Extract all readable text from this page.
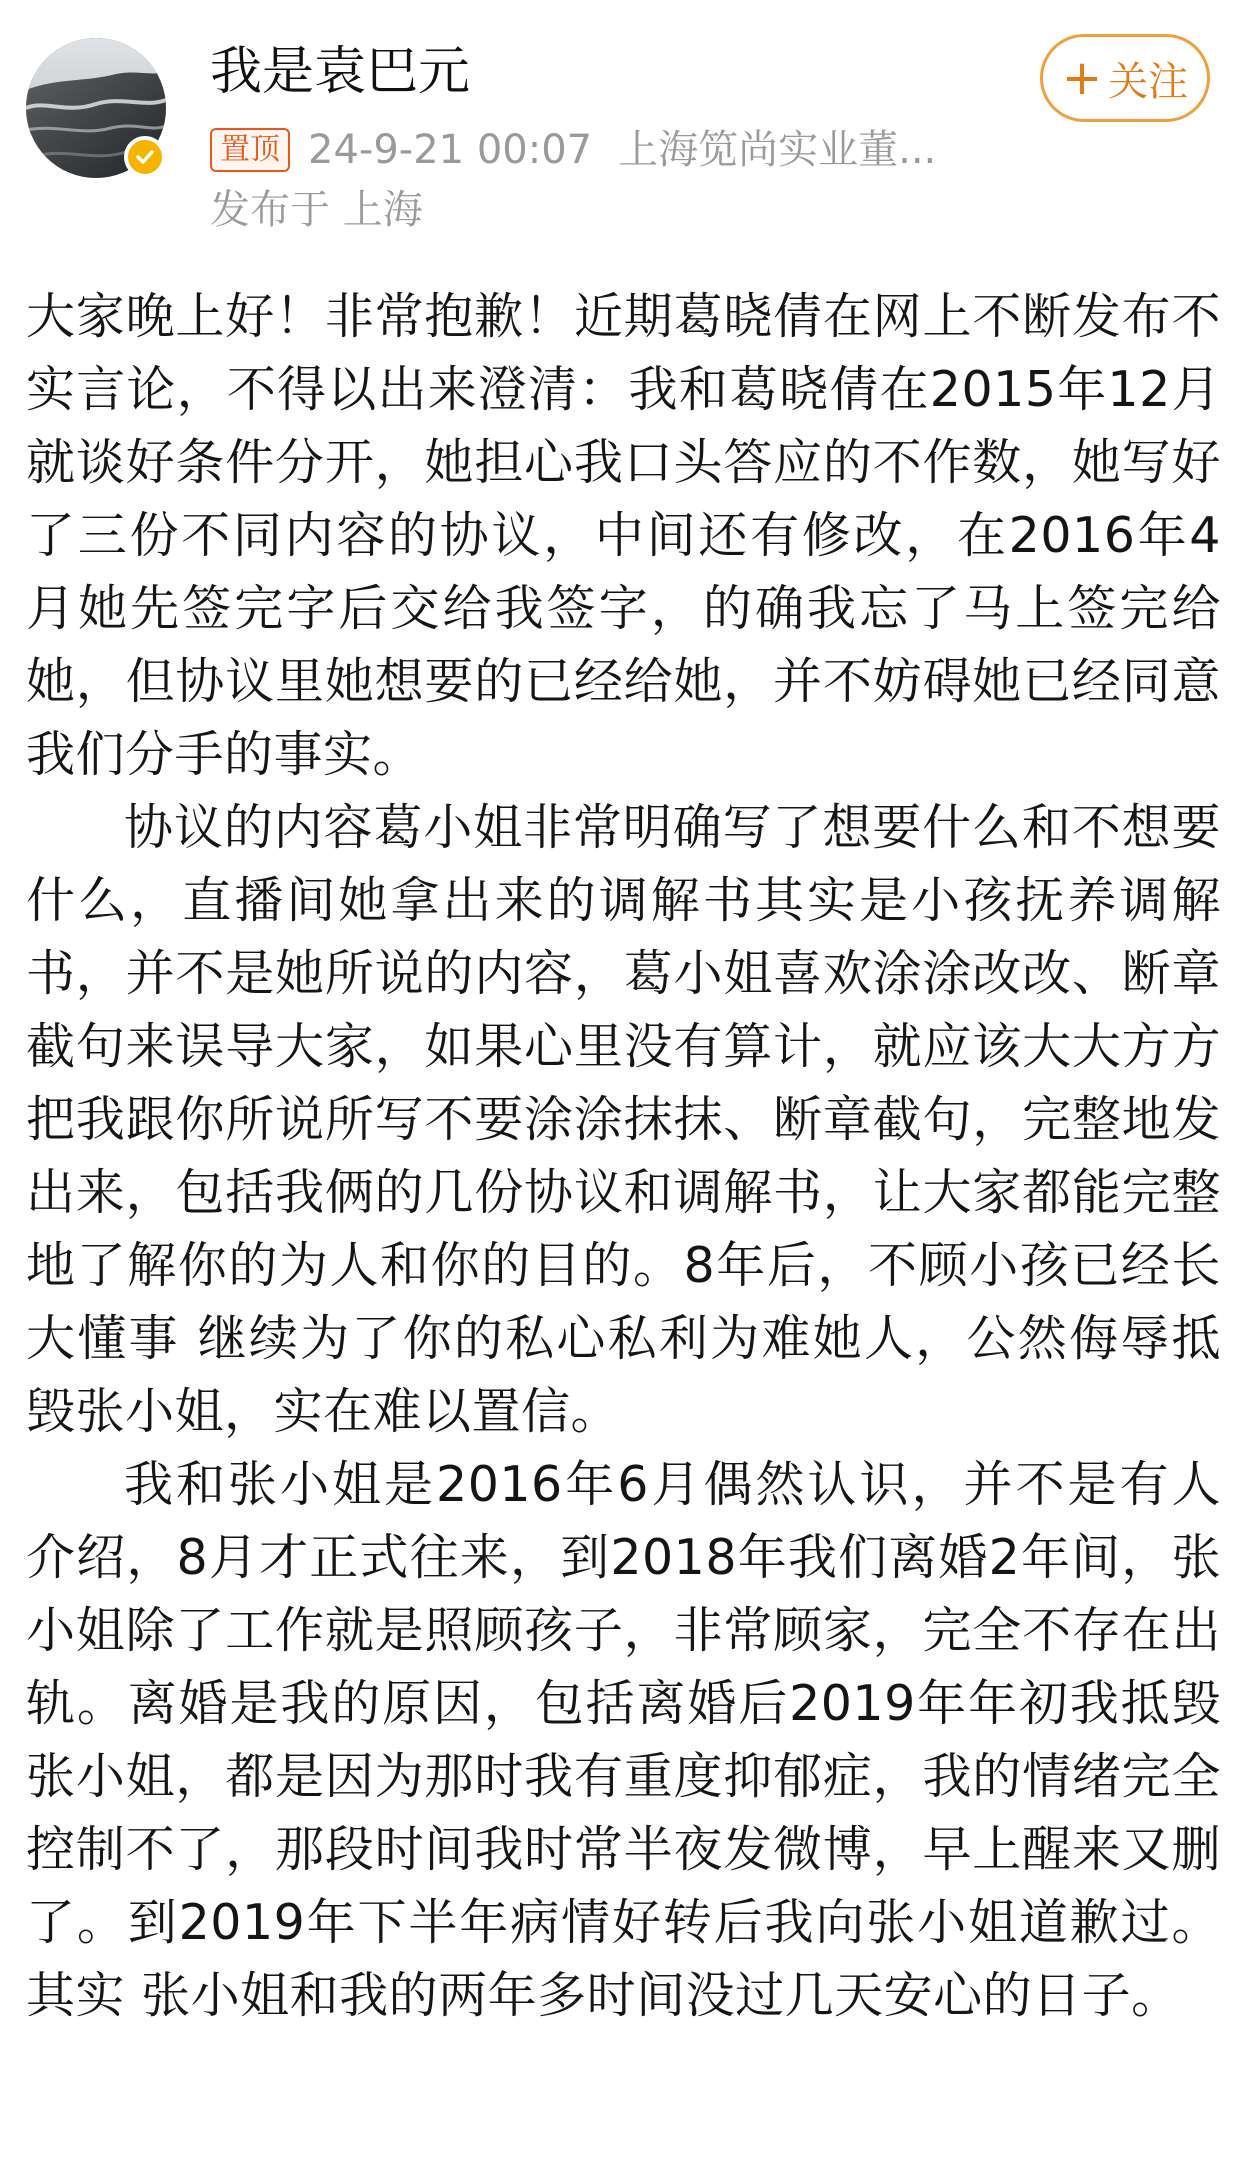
我是袁巴元
置顶 24-9-21 00:07 上海笕尚实业董...
发布于 上海
+ 关注

大家晚上好！非常抱歉！近期葛晓倩在网上不断发布不实言论，不得以出来澄清：我和葛晓倩在2015年12月就谈好条件分开，她担心我口头答应的不作数，她写好了三份不同内容的协议，中间还有修改，在2016年4月她先签完字后交给我签字，的确我忘了马上签完给她，但协议里她想要的已经给她，并不妨碍她已经同意我们分手的事实。

协议的内容葛小姐非常明确写了想要什么和不想要什么，直播间她拿出来的调解书其实是小孩抚养调解书，并不是她所说的内容，葛小姐喜欢涂涂改改、断章截句来误导大家，如果心里没有算计，就应该大大方方把我跟你所说所写不要涂涂抹抹、断章截句，完整地发出来，包括我俩的几份协议和调解书，让大家都能完整地了解你的为人和你的目的。8年后，不顾小孩已经长大懂事 继续为了你的私心私利为难她人，公然侮辱抵毁张小姐，实在难以置信。

我和张小姐是2016年6月偶然认识，并不是有人介绍，8月才正式往来，到2018年我们离婚2年间，张小姐除了工作就是照顾孩子，非常顾家，完全不存在出轨。离婚是我的原因，包括离婚后2019年年初我抵毁张小姐，都是因为那时我有重度抑郁症，我的情绪完全控制不了，那段时间我时常半夜发微博，早上醒来又删了。到2019年下半年病情好转后我向张小姐道歉过。其实 张小姐和我的两年多时间没过几天安心的日子。
